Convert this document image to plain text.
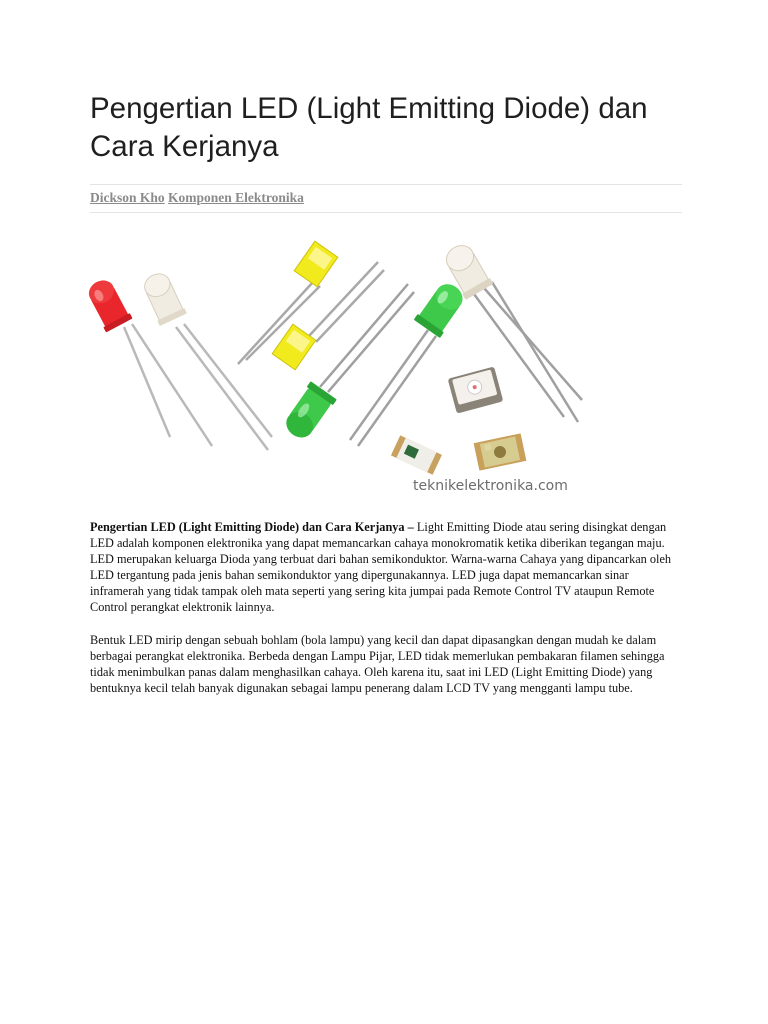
Pengertian LED (Light Emitting Diode) dan Cara Kerjanya
Dickson Kho Komponen Elektronika
teknikelektronika.com

Pengertian LED (Light Emitting Diode) dan Cara Kerjanya – Light Emitting Diode atau sering disingkat dengan LED adalah komponen elektronika yang dapat memancarkan cahaya monokromatik ketika diberikan tegangan maju. LED merupakan keluarga Dioda yang terbuat dari bahan semikonduktor. Warna-warna Cahaya yang dipancarkan oleh LED tergantung pada jenis bahan semikonduktor yang dipergunakannya. LED juga dapat memancarkan sinar inframerah yang tidak tampak oleh mata seperti yang sering kita jumpai pada Remote Control TV ataupun Remote Control perangkat elektronik lainnya.

Bentuk LED mirip dengan sebuah bohlam (bola lampu) yang kecil dan dapat dipasangkan dengan mudah ke dalam berbagai perangkat elektronika. Berbeda dengan Lampu Pijar, LED tidak memerlukan pembakaran filamen sehingga tidak menimbulkan panas dalam menghasilkan cahaya. Oleh karena itu, saat ini LED (Light Emitting Diode) yang bentuknya kecil telah banyak digunakan sebagai lampu penerang dalam LCD TV yang mengganti lampu tube.
